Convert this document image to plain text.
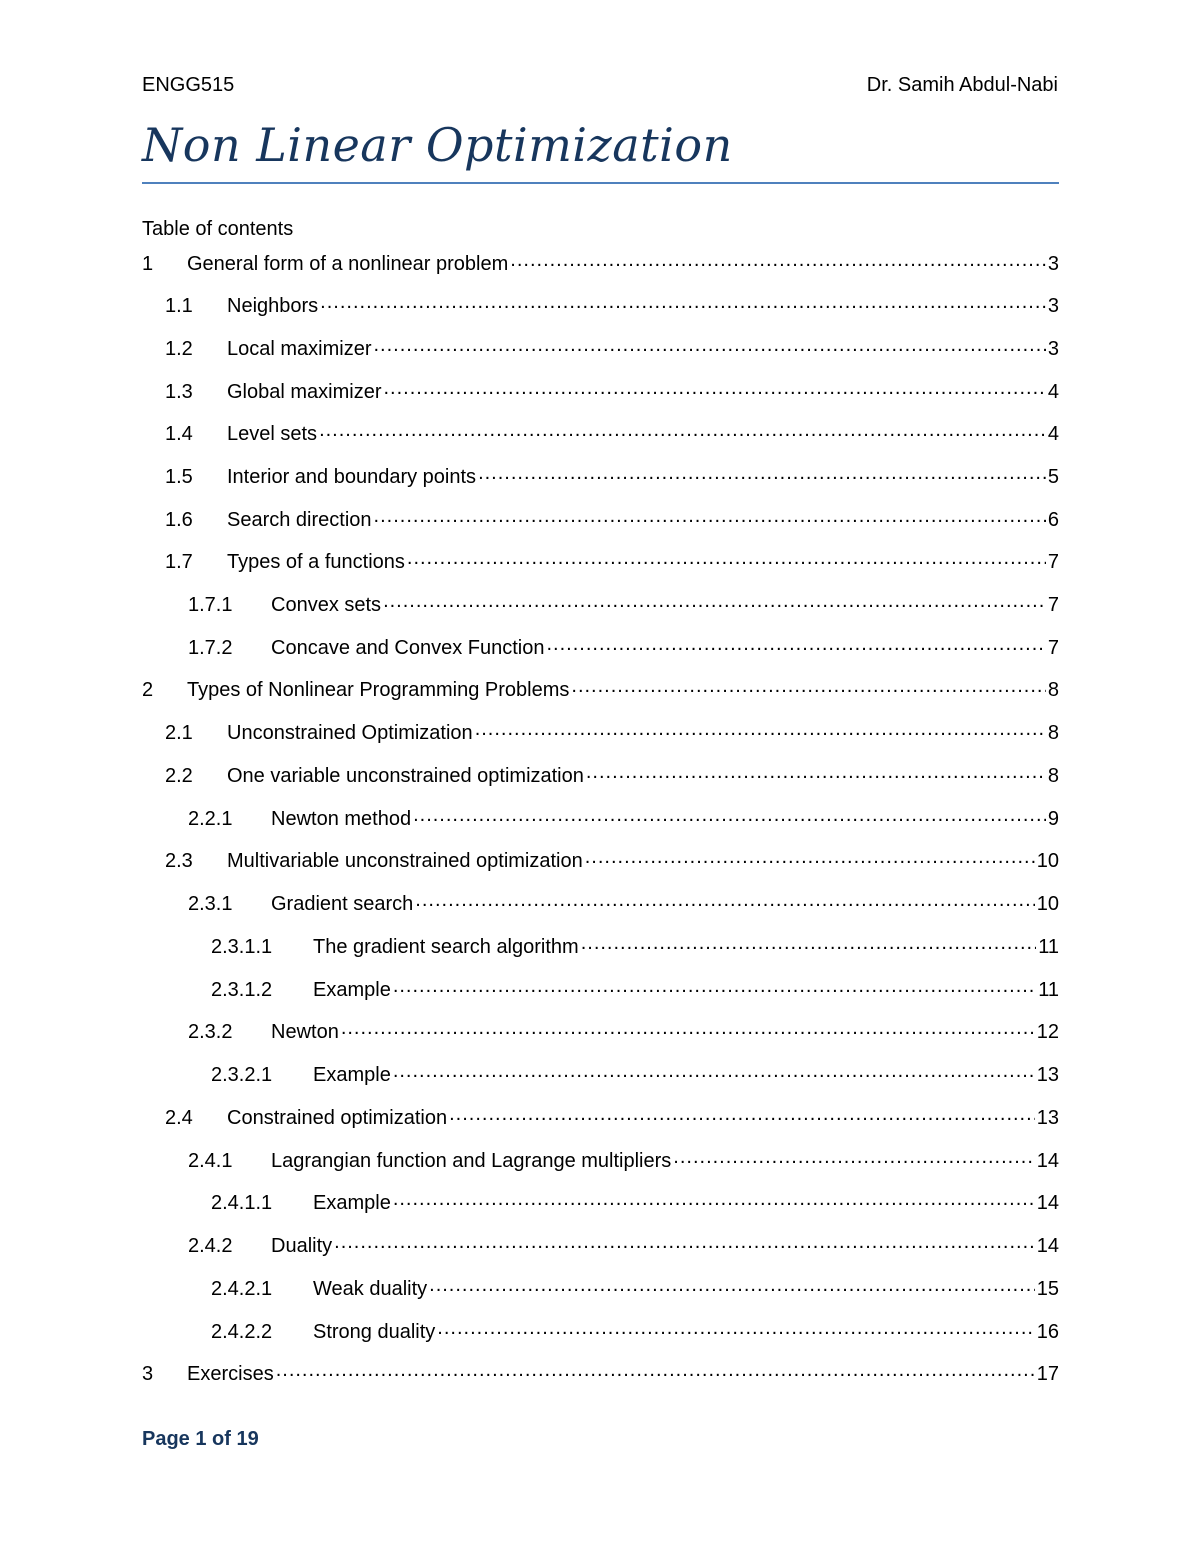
ENGG515	Dr. Samih Abdul-Nabi
Non Linear Optimization
Table of contents
1	General form of a nonlinear problem .....	3
1.1	Neighbors .....	3
1.2	Local maximizer .....	3
1.3	Global maximizer .....	4
1.4	Level sets .....	4
1.5	Interior and boundary points .....	5
1.6	Search direction .....	6
1.7	Types of a functions .....	7
1.7.1	Convex sets .....	7
1.7.2	Concave and Convex Function .....	7
2	Types of Nonlinear Programming Problems .....	8
2.1	Unconstrained Optimization .....	8
2.2	One variable unconstrained optimization .....	8
2.2.1	Newton method .....	9
2.3	Multivariable unconstrained optimization .....	10
2.3.1	Gradient search .....	10
2.3.1.1	The gradient search algorithm .....	11
2.3.1.2	Example .....	11
2.3.2	Newton .....	12
2.3.2.1	Example .....	13
2.4	Constrained optimization .....	13
2.4.1	Lagrangian function and Lagrange multipliers .....	14
2.4.1.1	Example .....	14
2.4.2	Duality .....	14
2.4.2.1	Weak duality .....	15
2.4.2.2	Strong duality .....	16
3	Exercises .....	17
Page 1 of 19
